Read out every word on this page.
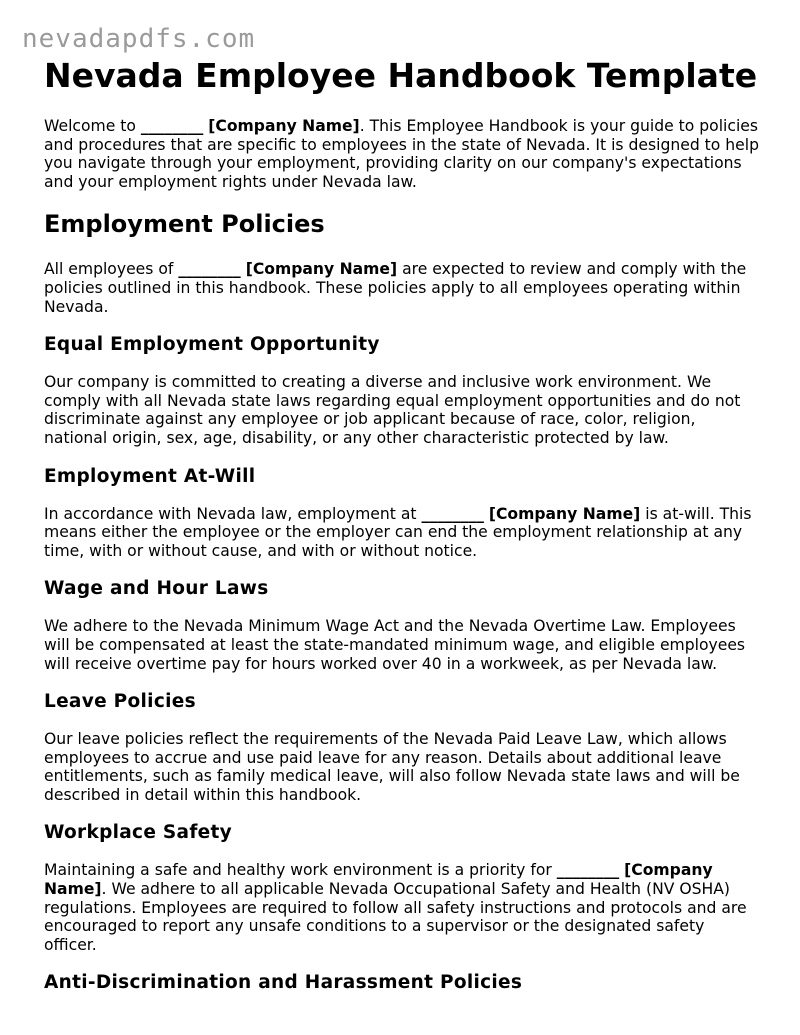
nevadapdfs.com
Nevada Employee Handbook Template

Welcome to ________ [Company Name]. This Employee Handbook is your guide to policies and procedures that are specific to employees in the state of Nevada. It is designed to help you navigate through your employment, providing clarity on our company's expectations and your employment rights under Nevada law.

Employment Policies

All employees of ________ [Company Name] are expected to review and comply with the policies outlined in this handbook. These policies apply to all employees operating within Nevada.

Equal Employment Opportunity

Our company is committed to creating a diverse and inclusive work environment. We comply with all Nevada state laws regarding equal employment opportunities and do not discriminate against any employee or job applicant because of race, color, religion, national origin, sex, age, disability, or any other characteristic protected by law.

Employment At-Will

In accordance with Nevada law, employment at ________ [Company Name] is at-will. This means either the employee or the employer can end the employment relationship at any time, with or without cause, and with or without notice.

Wage and Hour Laws

We adhere to the Nevada Minimum Wage Act and the Nevada Overtime Law. Employees will be compensated at least the state-mandated minimum wage, and eligible employees will receive overtime pay for hours worked over 40 in a workweek, as per Nevada law.

Leave Policies

Our leave policies reflect the requirements of the Nevada Paid Leave Law, which allows employees to accrue and use paid leave for any reason. Details about additional leave entitlements, such as family medical leave, will also follow Nevada state laws and will be described in detail within this handbook.

Workplace Safety

Maintaining a safe and healthy work environment is a priority for ________ [Company Name]. We adhere to all applicable Nevada Occupational Safety and Health (NV OSHA) regulations. Employees are required to follow all safety instructions and protocols and are encouraged to report any unsafe conditions to a supervisor or the designated safety officer.

Anti-Discrimination and Harassment Policies
